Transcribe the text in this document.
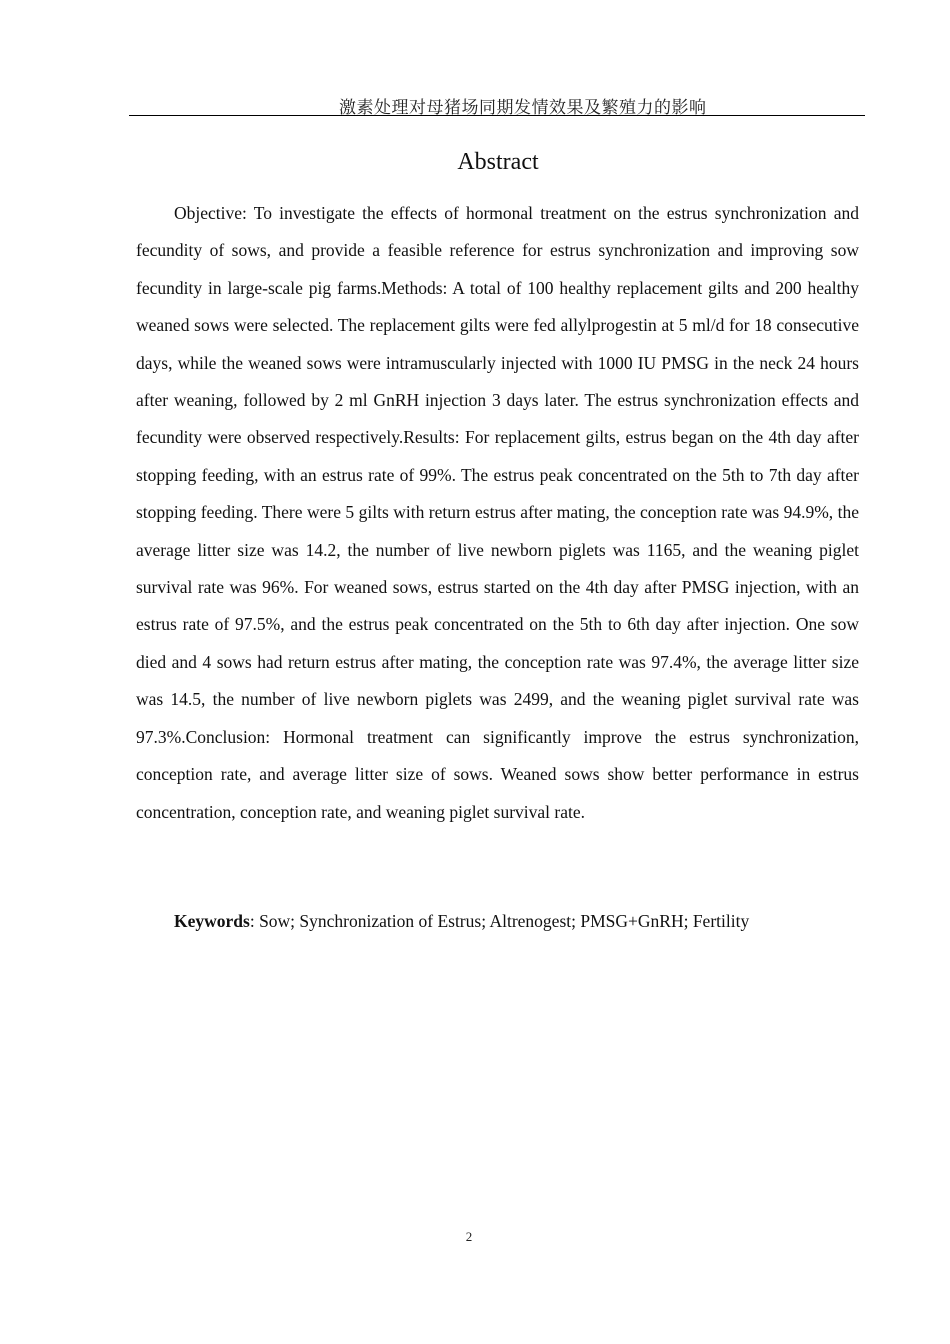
激素处理对母猪场同期发情效果及繁殖力的影响
Abstract

Objective: To investigate the effects of hormonal treatment on the estrus synchronization and fecundity of sows, and provide a feasible reference for estrus synchronization and improving sow fecundity in large-scale pig farms.Methods: A total of 100 healthy replacement gilts and 200 healthy weaned sows were selected. The replacement gilts were fed allylprogestin at 5 ml/d for 18 consecutive days, while the weaned sows were intramuscularly injected with 1000 IU PMSG in the neck 24 hours after weaning, followed by 2 ml GnRH injection 3 days later. The estrus synchronization effects and fecundity were observed respectively.Results: For replacement gilts, estrus began on the 4th day after stopping feeding, with an estrus rate of 99%. The estrus peak concentrated on the 5th to 7th day after stopping feeding. There were 5 gilts with return estrus after mating, the conception rate was 94.9%, the average litter size was 14.2, the number of live newborn piglets was 1165, and the weaning piglet survival rate was 96%. For weaned sows, estrus started on the 4th day after PMSG injection, with an estrus rate of 97.5%, and the estrus peak concentrated on the 5th to 6th day after injection. One sow died and 4 sows had return estrus after mating, the conception rate was 97.4%, the average litter size was 14.5, the number of live newborn piglets was 2499, and the weaning piglet survival rate was 97.3%.Conclusion: Hormonal treatment can significantly improve the estrus synchronization, conception rate, and average litter size of sows. Weaned sows show better performance in estrus concentration, conception rate, and weaning piglet survival rate.

Keywords: Sow; Synchronization of Estrus; Altrenogest; PMSG+GnRH; Fertility

2
